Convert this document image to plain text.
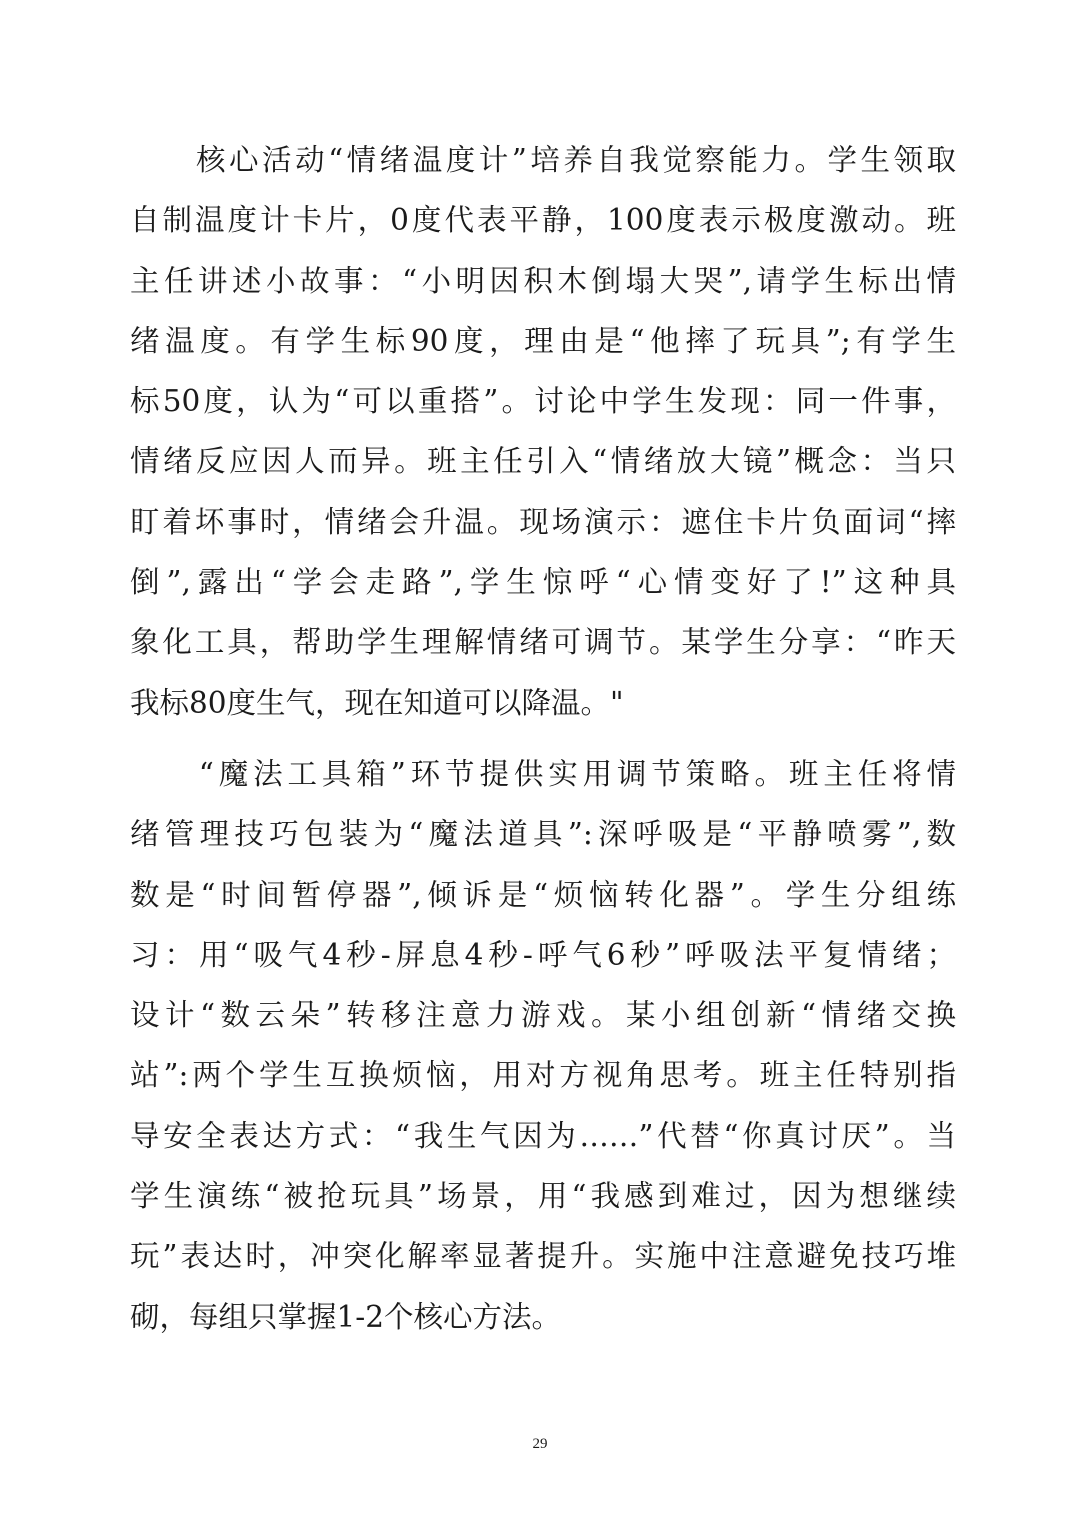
　　核心活动“情绪温度计”培养自我觉察能力。学生领取
自制温度计卡片，0度代表平静，100度表示极度激动。班
主任讲述小故事：“小明因积木倒塌大哭”,请学生标出情
绪温度。有学生标90度，理由是“他摔了玩具”;有学生
标50度，认为“可以重搭”。讨论中学生发现：同一件事，
情绪反应因人而异。班主任引入“情绪放大镜”概念：当只
盯着坏事时，情绪会升温。现场演示：遮住卡片负面词“摔
倒”,露出“学会走路”,学生惊呼“心情变好了!”这种具
象化工具，帮助学生理解情绪可调节。某学生分享：“昨天
我标80度生气，现在知道可以降温。"
　　“魔法工具箱”环节提供实用调节策略。班主任将情
绪管理技巧包装为“魔法道具”:深呼吸是“平静喷雾”,数
数是“时间暂停器”,倾诉是“烦恼转化器”。学生分组练
习：用“吸气4秒-屏息4秒-呼气6秒”呼吸法平复情绪；
设计“数云朵”转移注意力游戏。某小组创新“情绪交换
站”:两个学生互换烦恼，用对方视角思考。班主任特别指
导安全表达方式：“我生气因为……”代替“你真讨厌”。当
学生演练“被抢玩具”场景，用“我感到难过，因为想继续
玩”表达时，冲突化解率显著提升。实施中注意避免技巧堆
砌，每组只掌握1-2个核心方法。
29
